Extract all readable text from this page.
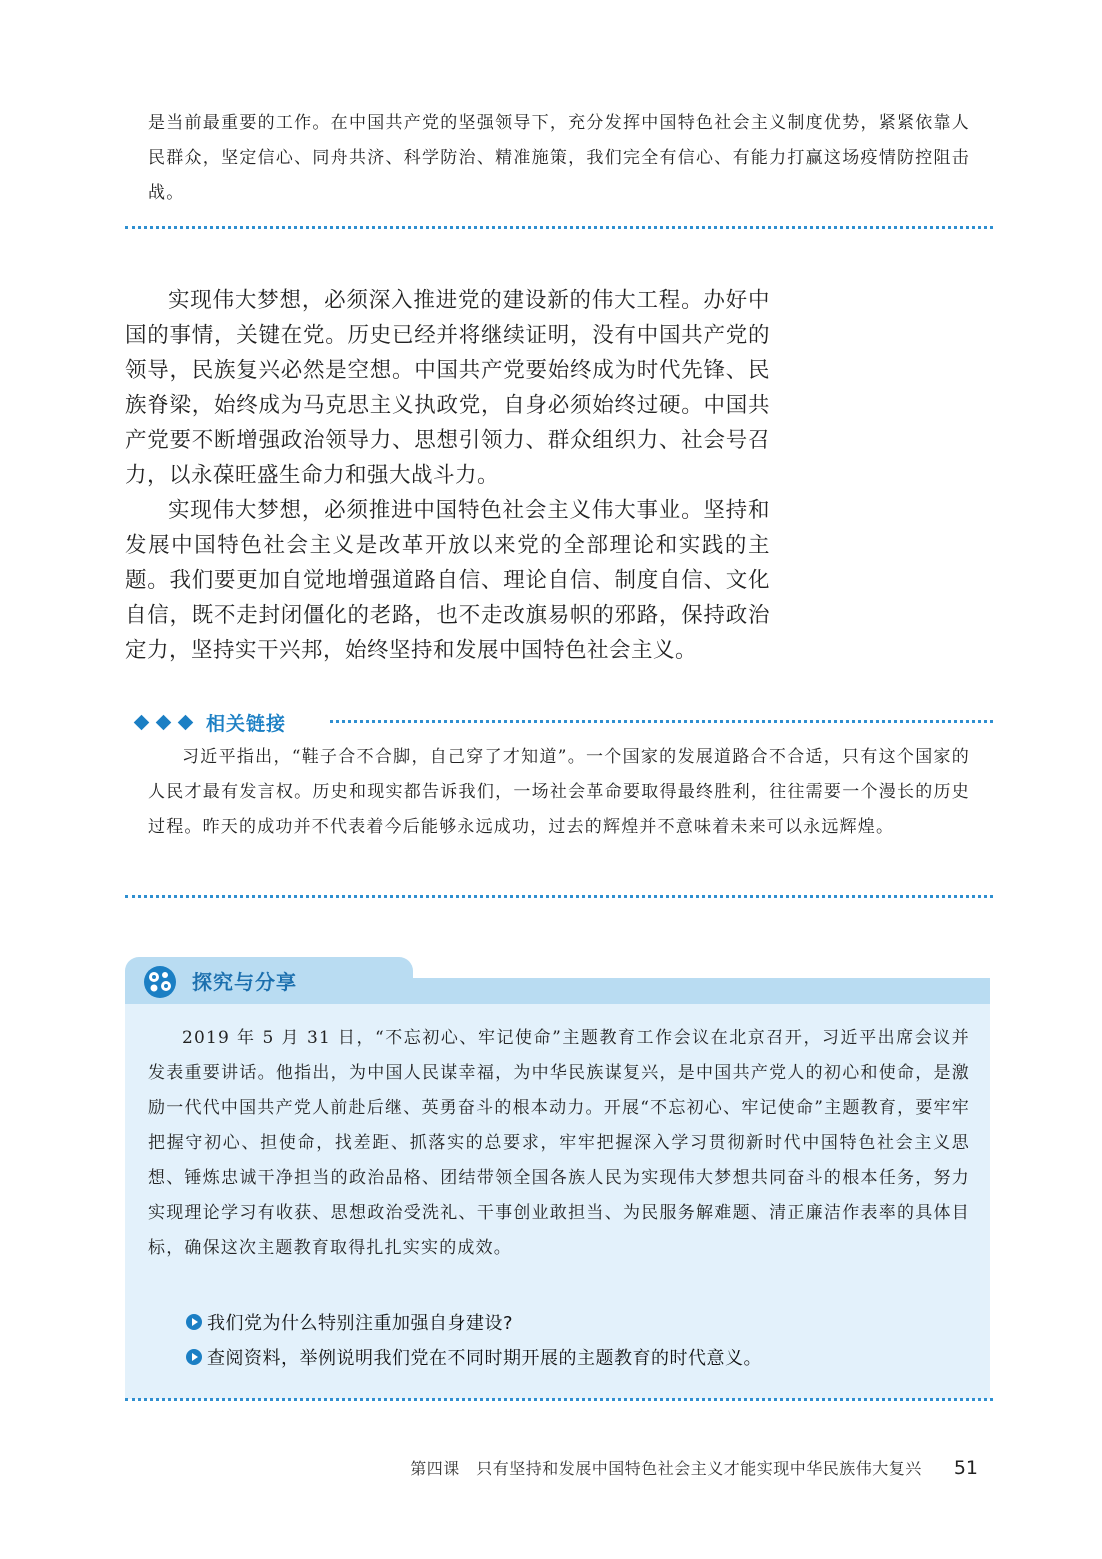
是当前最重要的工作。在中国共产党的坚强领导下，充分发挥中国特色社会主义制度优势，紧紧依靠人民群众，坚定信心、同舟共济、科学防治、精准施策，我们完全有信心、有能力打赢这场疫情防控阻击战。

实现伟大梦想，必须深入推进党的建设新的伟大工程。办好中国的事情，关键在党。历史已经并将继续证明，没有中国共产党的领导，民族复兴必然是空想。中国共产党要始终成为时代先锋、民族脊梁，始终成为马克思主义执政党，自身必须始终过硬。中国共产党要不断增强政治领导力、思想引领力、群众组织力、社会号召力，以永葆旺盛生命力和强大战斗力。

实现伟大梦想，必须推进中国特色社会主义伟大事业。坚持和发展中国特色社会主义是改革开放以来党的全部理论和实践的主题。我们要更加自觉地增强道路自信、理论自信、制度自信、文化自信，既不走封闭僵化的老路，也不走改旗易帜的邪路，保持政治定力，坚持实干兴邦，始终坚持和发展中国特色社会主义。

相关链接

习近平指出，“鞋子合不合脚，自己穿了才知道”。一个国家的发展道路合不合适，只有这个国家的人民才最有发言权。历史和现实都告诉我们，一场社会革命要取得最终胜利，往往需要一个漫长的历史过程。昨天的成功并不代表着今后能够永远成功，过去的辉煌并不意味着未来可以永远辉煌。

探究与分享

2019 年 5 月 31 日，“不忘初心、牢记使命”主题教育工作会议在北京召开，习近平出席会议并发表重要讲话。他指出，为中国人民谋幸福，为中华民族谋复兴，是中国共产党人的初心和使命，是激励一代代中国共产党人前赴后继、英勇奋斗的根本动力。开展“不忘初心、牢记使命”主题教育，要牢牢把握守初心、担使命，找差距、抓落实的总要求，牢牢把握深入学习贯彻新时代中国特色社会主义思想、锤炼忠诚干净担当的政治品格、团结带领全国各族人民为实现伟大梦想共同奋斗的根本任务，努力实现理论学习有收获、思想政治受洗礼、干事创业敢担当、为民服务解难题、清正廉洁作表率的具体目标，确保这次主题教育取得扎扎实实的成效。

我们党为什么特别注重加强自身建设?
查阅资料，举例说明我们党在不同时期开展的主题教育的时代意义。
第四课　只有坚持和发展中国特色社会主义才能实现中华民族伟大复兴 51
